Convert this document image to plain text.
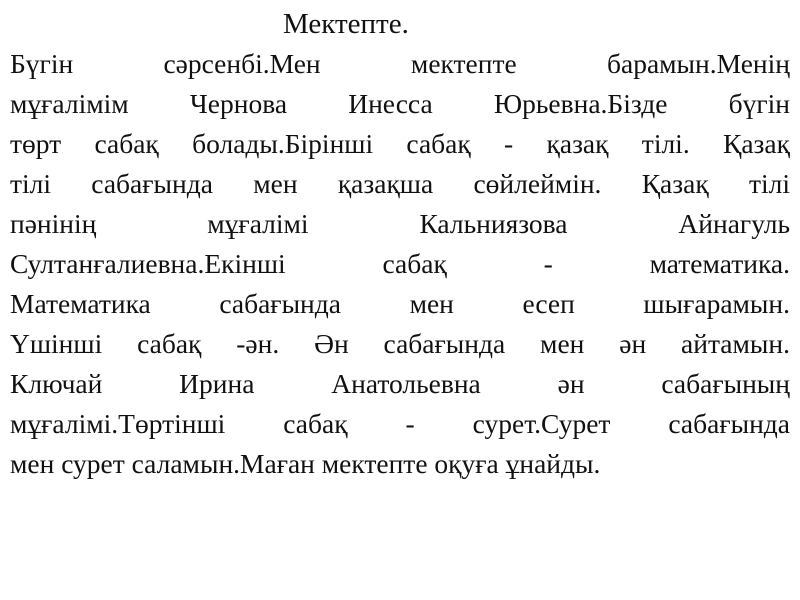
Мектепте.

Бүгін сәрсенбі.Мен мектепте барамын.Менің
мұғалімім Чернова Инесса Юрьевна.Бізде бүгін
төрт сабақ болады.Бірінші сабақ - қазақ тілі. Қазақ
тілі сабағында мен қазақша сөйлеймін. Қазақ тілі
пәнінің мұғалімі Кальниязова Айнагуль
Султанғалиевна.Екінші сабақ - математика.
Математика сабағында мен есеп шығарамын.
Үшінші сабақ -ән. Ән сабағында мен ән айтамын.
Ключай Ирина Анатольевна ән сабағының
мұғалімі.Төртінші сабақ - сурет.Сурет сабағында
мен сурет саламын.Маған мектепте оқуға ұнайды.
